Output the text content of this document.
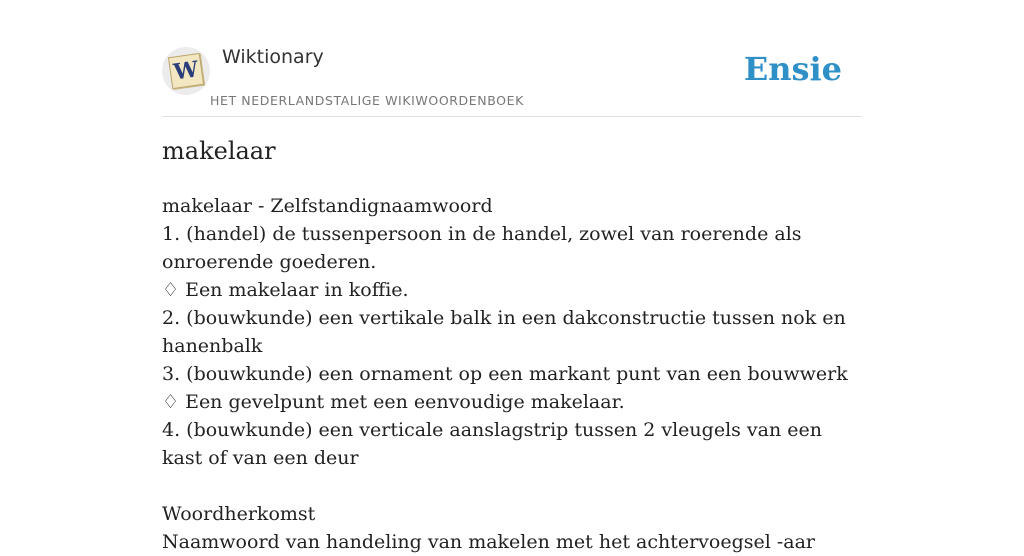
W Wiktionary
HET NEDERLANDSTALIGE WIKIWOORDENBOEK
Ensie
makelaar
makelaar - Zelfstandignaamwoord
1. (handel) de tussenpersoon in de handel, zowel van roerende als onroerende goederen.
♢ Een makelaar in koffie.
2. (bouwkunde) een vertikale balk in een dakconstructie tussen nok en hanenbalk
3. (bouwkunde) een ornament op een markant punt van een bouwwerk
♢ Een gevelpunt met een eenvoudige makelaar.
4. (bouwkunde) een verticale aanslagstrip tussen 2 vleugels van een kast of van een deur
Woordherkomst
Naamwoord van handeling van makelen met het achtervoegsel -aar
